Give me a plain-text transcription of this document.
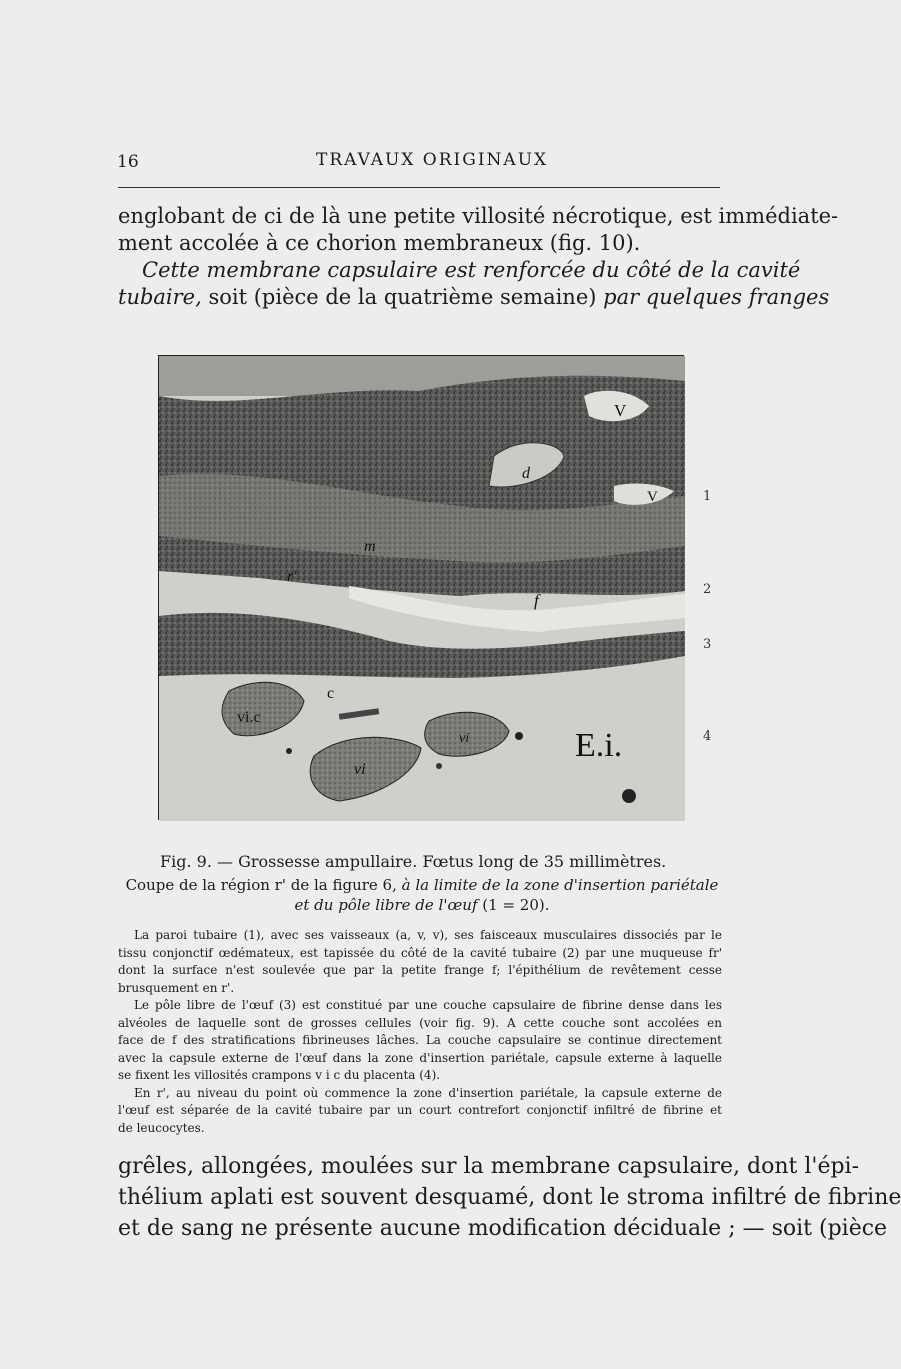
16	TRAVAUX ORIGINAUX
englobant de ci de là une petite villosité nécrotique, est immédiate-
ment accolée à ce chorion membraneux (fig. 10).
Cette membrane capsulaire est renforcée du côté de la cavité
tubaire, soit (pièce de la quatrième semaine) par quelques franges
V
d
V
m
r'
f
c
vi.c
vi
vi	E.i.
1
2
3
4
Fig. 9. — Grossesse ampullaire. Fœtus long de 35 millimètres.
Coupe de la région r' de la figure 6, à la limite de la zone d'insertion pariétale
et du pôle libre de l'œuf (1 = 20).
La paroi tubaire (1), avec ses vaisseaux (a, v, v), ses faisceaux musculaires dissociés par le
tissu conjonctif œdémateux, est tapissée du côté de la cavité tubaire (2) par une muqueuse fr'
dont la surface n'est soulevée que par la petite frange f; l'épithélium de revêtement cesse
brusquement en r'.
Le pôle libre de l'œuf (3) est constitué par une couche capsulaire de fibrine dense dans les
alvéoles de laquelle sont de grosses cellules (voir fig. 9). A cette couche sont accolées en
face de f des stratifications fibrineuses lâches. La couche capsulaire se continue directement
avec la capsule externe de l'œuf dans la zone d'insertion pariétale, capsule externe à laquelle
se fixent les villosités crampons v i c du placenta (4).
En r', au niveau du point où commence la zone d'insertion pariétale, la capsule externe de
l'œuf est séparée de la cavité tubaire par un court contrefort conjonctif infiltré de fibrine et
de leucocytes.
grêles, allongées, moulées sur la membrane capsulaire, dont l'épi-
thélium aplati est souvent desquamé, dont le stroma infiltré de fibrine
et de sang ne présente aucune modification déciduale ; — soit (pièce
